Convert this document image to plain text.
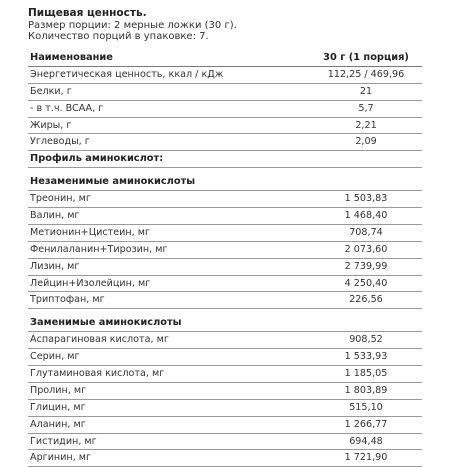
Пищевая ценность.
Размер порции: 2 мерные ложки (30 г).
Количество порций в упаковке: 7.
Наименование	30 г (1 порция)
Энергетическая ценность, ккал / кДж	112,25 / 469,96
Белки, г	21
- в т.ч. BCAA, г	5,7
Жиры, г	2,21
Углеводы, г	2,09
Профиль аминокислот:
Незаменимые аминокислоты
Треонин, мг	1 503,83
Валин, мг	1 468,40
Метионин+Цистеин, мг	708,74
Фенилаланин+Тирозин, мг	2 073,60
Лизин, мг	2 739,99
Лейцин+Изолейцин, мг	4 250,40
Триптофан, мг	226,56
Заменимые аминокислоты
Аспарагиновая кислота, мг	908,52
Серин, мг	1 533,93
Глутаминовая кислота, мг	1 185,05
Пролин, мг	1 803,89
Глицин, мг	515,10
Аланин, мг	1 266,77
Гистидин, мг	694,48
Аргинин, мг	1 721,90
